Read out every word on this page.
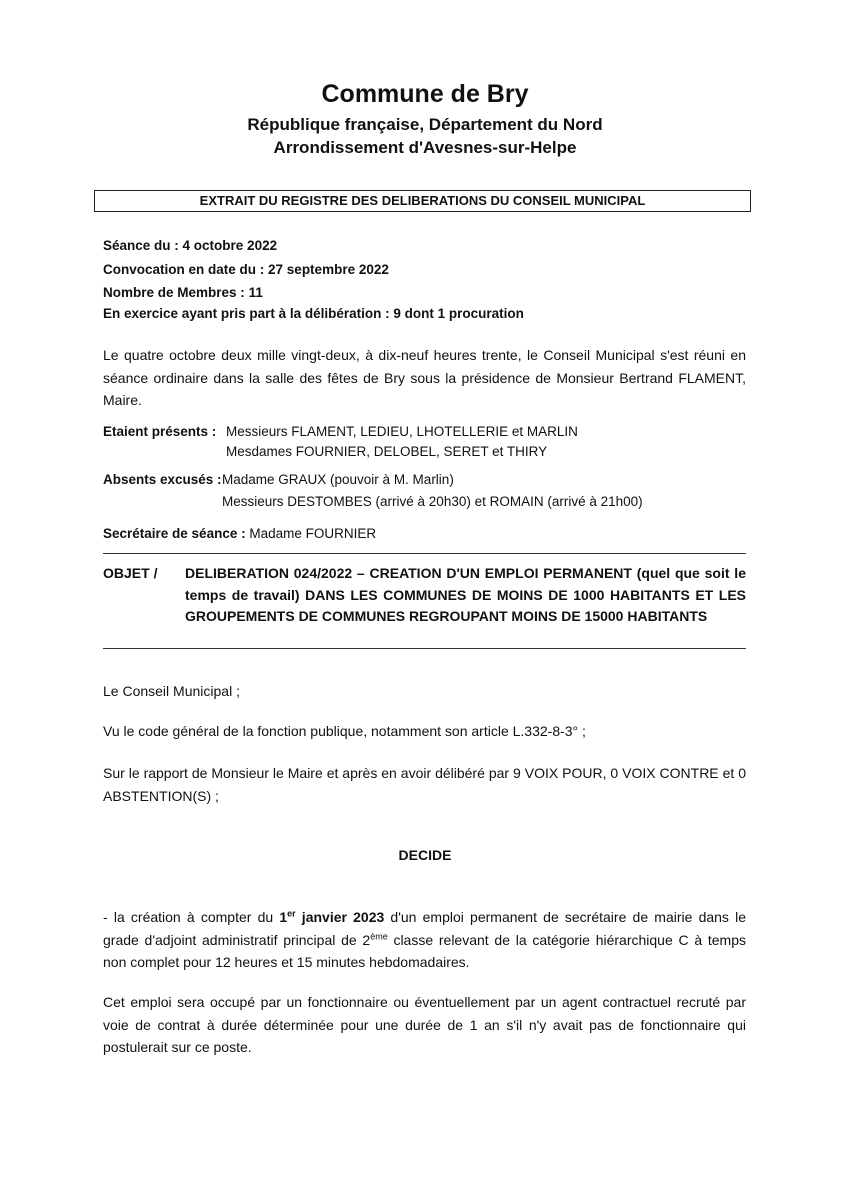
Commune de Bry
République française, Département du Nord
Arrondissement d'Avesnes-sur-Helpe
EXTRAIT DU REGISTRE DES DELIBERATIONS DU CONSEIL MUNICIPAL
Séance du : 4 octobre 2022
Convocation en date du : 27 septembre 2022
Nombre de Membres : 11
En exercice ayant pris part à la délibération : 9 dont 1 procuration
Le quatre octobre deux mille vingt-deux, à dix-neuf heures trente, le Conseil Municipal s'est réuni en séance ordinaire dans la salle des fêtes de Bry sous la présidence de Monsieur Bertrand FLAMENT, Maire.
Etaient présents : Messieurs FLAMENT, LEDIEU, LHOTELLERIE et MARLIN
Mesdames FOURNIER, DELOBEL, SERET et THIRY
Absents excusés : Madame GRAUX (pouvoir à M. Marlin)
Messieurs DESTOMBES (arrivé à 20h30) et ROMAIN (arrivé à 21h00)
Secrétaire de séance : Madame FOURNIER
OBJET / DELIBERATION 024/2022 – CREATION D'UN EMPLOI PERMANENT (quel que soit le temps de travail) DANS LES COMMUNES DE MOINS DE 1000 HABITANTS ET LES GROUPEMENTS DE COMMUNES REGROUPANT MOINS DE 15000 HABITANTS
Le Conseil Municipal ;
Vu le code général de la fonction publique, notamment son article L.332-8-3° ;
Sur le rapport de Monsieur le Maire et après en avoir délibéré par 9 VOIX POUR, 0 VOIX CONTRE et 0 ABSTENTION(S) ;
DECIDE
- la création à compter du 1er janvier 2023 d'un emploi permanent de secrétaire de mairie dans le grade d'adjoint administratif principal de 2ème classe relevant de la catégorie hiérarchique C à temps non complet pour 12 heures et 15 minutes hebdomadaires.
Cet emploi sera occupé par un fonctionnaire ou éventuellement par un agent contractuel recruté par voie de contrat à durée déterminée pour une durée de 1 an s'il n'y avait pas de fonctionnaire qui postulerait sur ce poste.
